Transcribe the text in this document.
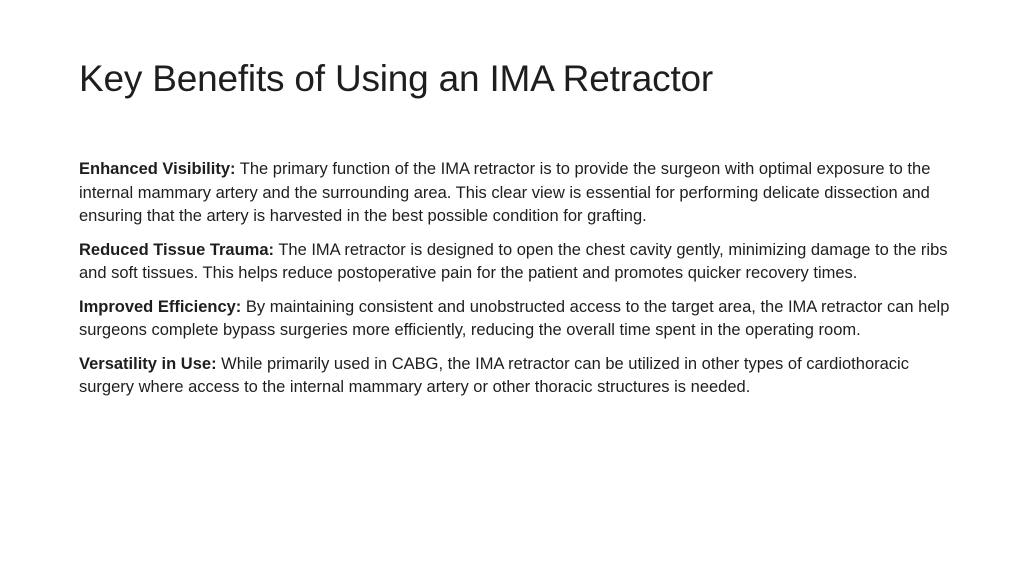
Key Benefits of Using an IMA Retractor

Enhanced Visibility: The primary function of the IMA retractor is to provide the surgeon with optimal exposure to the internal mammary artery and the surrounding area. This clear view is essential for performing delicate dissection and ensuring that the artery is harvested in the best possible condition for grafting.

Reduced Tissue Trauma: The IMA retractor is designed to open the chest cavity gently, minimizing damage to the ribs and soft tissues. This helps reduce postoperative pain for the patient and promotes quicker recovery times.

Improved Efficiency: By maintaining consistent and unobstructed access to the target area, the IMA retractor can help surgeons complete bypass surgeries more efficiently, reducing the overall time spent in the operating room.

Versatility in Use: While primarily used in CABG, the IMA retractor can be utilized in other types of cardiothoracic surgery where access to the internal mammary artery or other thoracic structures is needed.
